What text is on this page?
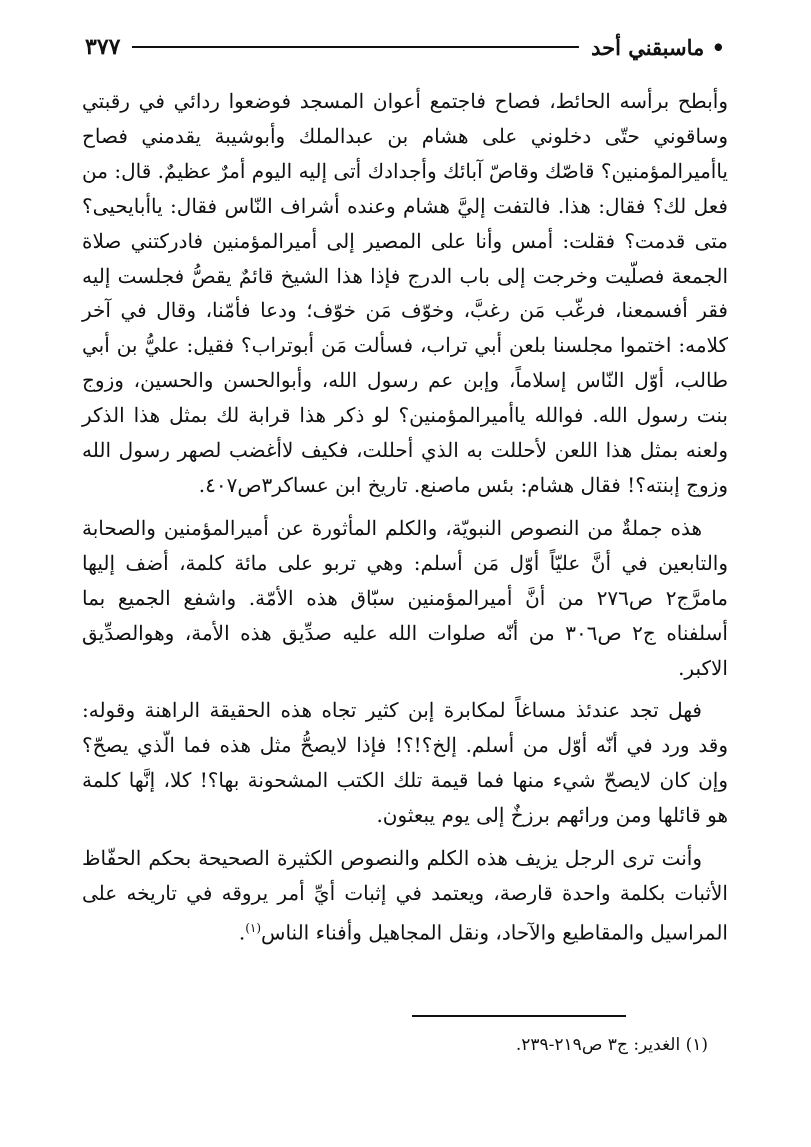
• ماسبقني أحد
٣٧٧

وأبطح برأسه الحائط، فصاح فاجتمع أعوان المسجد فوضعوا ردائي في رقبتي وساقوني حتّى دخلوني على هشام بن عبدالملك وأبوشيبة يقدمني فصاح ياأميرالمؤمنين؟ قاصّك وقاصّ آبائك وأجدادك أتى إليه اليوم أمرٌ عظيمٌ. قال: من فعل لك؟ فقال: هذا. فالتفت إليَّ هشام وعنده أشراف النّاس فقال: ياأبايحيى؟ متى قدمت؟ فقلت: أمس وأنا على المصير إلى أميرالمؤمنين فادركتني صلاة الجمعة فصلّيت وخرجت إلى باب الدرج فإذا هذا الشيخ قائمٌ يقصُّ فجلست إليه فقر أفسمعنا، فرغّب مَن رغبَّ، وخوّف مَن خوّف؛ ودعا فأمّنا، وقال في آخر كلامه: اختموا مجلسنا بلعن أبي تراب، فسألت مَن أبوتراب؟ فقيل: عليُّ بن أبي طالب، أوّل النّاس إسلاماً، وإبن عم رسول الله، وأبوالحسن والحسين، وزوج بنت رسول الله. فوالله ياأميرالمؤمنين؟ لو ذكر هذا قرابة لك بمثل هذا الذكر ولعنه بمثل هذا اللعن لأحللت به الذي أحللت، فكيف لاأغضب لصهر رسول الله وزوج إبنته؟! فقال هشام: بئس ماصنع. تاريخ ابن عساكر٣ص٤٠٧.

هذه جملةٌ من النصوص النبويّة، والكلم المأثورة عن أميرالمؤمنين والصحابة والتابعين في أنَّ عليّاً أوّل مَن أسلم: وهي تربو على مائة كلمة، أضف إليها مامرَّج٢ ص٢٧٦ من أنَّ أميرالمؤمنين سبّاق هذه الأمّة. واشفع الجميع بما أسلفناه ج٢ ص٣٠٦ من أنّه صلوات الله عليه صدِّيق هذه الأمة، وهوالصدِّيق الاكبر.

فهل تجد عندئذ مساغاً لمكابرة إبن كثير تجاه هذه الحقيقة الراهنة وقوله: وقد ورد في أنّه أوّل من أسلم. إلخ؟!؟! فإذا لايصحُّ مثل هذه فما الّذي يصحّ؟ وإن كان لايصحّ شيء منها فما قيمة تلك الكتب المشحونة بها؟! كلا، إنَّها كلمة هو قائلها ومن ورائهم برزخٌ إلى يوم يبعثون.

وأنت ترى الرجل يزيف هذه الكلم والنصوص الكثيرة الصحيحة بحكم الحفّاظ الأثبات بكلمة واحدة قارصة، ويعتمد في إثبات أيِّ أمر يروقه في تاريخه على المراسيل والمقاطيع والآحاد، ونقل المجاهيل وأفناء الناس$^{(١)}$.

(١) الغدير: ج٣ ص٢١٩-٢٣٩.
